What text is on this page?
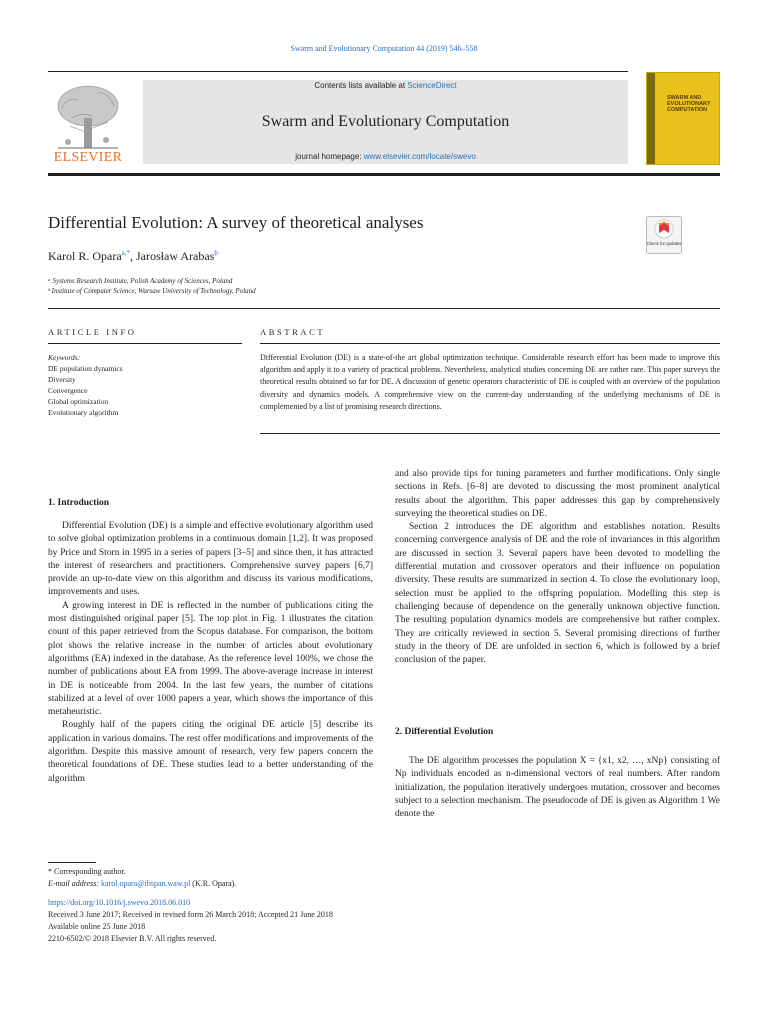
Swarm and Evolutionary Computation 44 (2019) 546–558
ELSEVIER
Contents lists available at ScienceDirect
Swarm and Evolutionary Computation
journal homepage: www.elsevier.com/locate/swevo
SWARM AND EVOLUTIONARY COMPUTATION
Differential Evolution: A survey of theoretical analyses
Check for updates
Karol R. Opara$^{a,*}$, Jarosław Arabas$^b$
ᵃ Systems Research Institute, Polish Academy of Sciences, Poland
ᵇ Institute of Computer Science, Warsaw University of Technology, Poland
ARTICLE INFO	ABSTRACT
Keywords:
DE population dynamics
Diversity
Convergence
Global optimization
Evolutionary algorithm
Differential Evolution (DE) is a state-of-the art global optimization technique. Considerable research effort has been made to improve this algorithm and apply it to a variety of practical problems. Nevertheless, analytical studies concerning DE are rather rare. This paper surveys the theoretical results obtained so far for DE. A discussion of genetic operators characteristic of DE is coupled with an overview of the population diversity and dynamics models. A comprehensive view on the current-day understanding of the underlying mechanisms of DE is complemented by a list of promising research directions.
1. Introduction

Differential Evolution (DE) is a simple and effective evolutionary algorithm used to solve global optimization problems in a continuous domain [1,2]. It was proposed by Price and Storn in 1995 in a series of papers [3–5] and since then, it has attracted the interest of researchers and practitioners. Comprehensive survey papers [6,7] provide an up-to-date view on this algorithm and discuss its various modifications, improvements and uses.

A growing interest in DE is reflected in the number of publications citing the most distinguished original paper [5]. The top plot in Fig. 1 illustrates the citation count of this paper retrieved from the Scopus database. For comparison, the bottom plot shows the relative increase in the number of articles about evolutionary algorithms (EA) indexed in the database. As the reference level 100%, we chose the number of publications about EA from 1999. The above-average increase in interest in DE is noticeable from 2004. In the last few years, the number of citations stabilized at a level of over 1000 papers a year, which shows the importance of this metaheuristic.

Roughly half of the papers citing the original DE article [5] describe its application in various domains. The rest offer modifications and improvements of the algorithm. Despite this massive amount of research, very few papers concern the theoretical foundations of DE. These studies lead to a better understanding of the algorithm

and also provide tips for tuning parameters and further modifications. Only single sections in Refs. [6–8] are devoted to discussing the most prominent analytical results about the algorithm. This paper addresses this gap by comprehensively surveying the theoretical studies on DE.

Section 2 introduces the DE algorithm and establishes notation. Results concerning convergence analysis of DE and the role of invariances in this algorithm are discussed in section 3. Several papers have been devoted to modelling the differential mutation and crossover operators and their influence on population diversity. These results are summarized in section 4. To close the evolutionary loop, selection must be applied to the offspring population. Modelling this step is challenging because of dependence on the generally unknown objective function. The resulting population dynamics models are comprehensive but rather complex. They are critically reviewed in section 5. Several promising directions of further study in the theory of DE are unfolded in section 6, which is followed by a brief conclusion of the paper.

2. Differential Evolution

The DE algorithm processes the population X = {x1, x2, …, xNp} consisting of Np individuals encoded as n-dimensional vectors of real numbers. After random initialization, the population iteratively undergoes mutation, crossover and becomes subject to a selection mechanism. The pseudocode of DE is given as Algorithm 1 We denote the

* Corresponding author.
E-mail address: karol.opara@ibspan.waw.pl (K.R. Opara).
https://doi.org/10.1016/j.swevo.2018.06.010
Received 3 June 2017; Received in revised form 26 March 2018; Accepted 21 June 2018
Available online 25 June 2018
2210-6502/© 2018 Elsevier B.V. All rights reserved.
